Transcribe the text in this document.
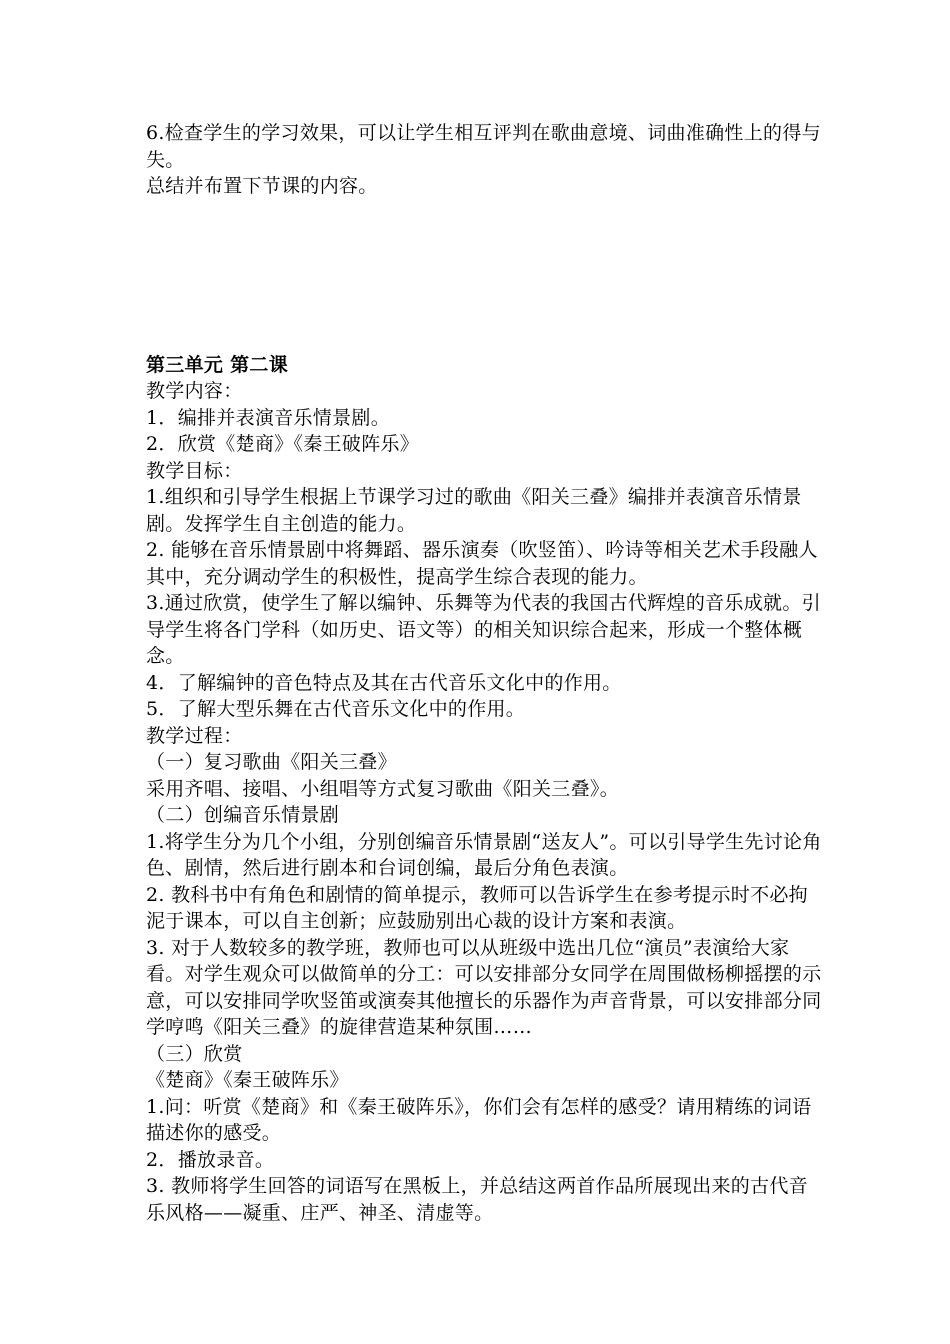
6.检查学生的学习效果，可以让学生相互评判在歌曲意境、词曲准确性上的得与失。

总结并布置下节课的内容。

第三单元 第二课

教学内容：

1．编排并表演音乐情景剧。

2．欣赏《楚商》《秦王破阵乐》

教学目标：

1.组织和引导学生根据上节课学习过的歌曲《阳关三叠》编排并表演音乐情景剧。发挥学生自主创造的能力。

2. 能够在音乐情景剧中将舞蹈、器乐演奏（吹竖笛）、吟诗等相关艺术手段融人其中，充分调动学生的积极性，提高学生综合表现的能力。

3.通过欣赏，使学生了解以编钟、乐舞等为代表的我国古代辉煌的音乐成就。引导学生将各门学科（如历史、语文等）的相关知识综合起来，形成一个整体概念。

4．了解编钟的音色特点及其在古代音乐文化中的作用。

5．了解大型乐舞在古代音乐文化中的作用。

教学过程：

（一）复习歌曲《阳关三叠》

采用齐唱、接唱、小组唱等方式复习歌曲《阳关三叠》。

（二）创编音乐情景剧

1.将学生分为几个小组，分别创编音乐情景剧“送友人”。可以引导学生先讨论角色、剧情，然后进行剧本和台词创编，最后分角色表演。

2. 教科书中有角色和剧情的简单提示，教师可以告诉学生在参考提示时不必拘泥于课本，可以自主创新；应鼓励别出心裁的设计方案和表演。

3. 对于人数较多的教学班，教师也可以从班级中选出几位“演员”表演给大家看。对学生观众可以做简单的分工：可以安排部分女同学在周围做杨柳摇摆的示意，可以安排同学吹竖笛或演奏其他擅长的乐器作为声音背景，可以安排部分同学哼鸣《阳关三叠》的旋律营造某种氛围……

（三）欣赏

《楚商》《秦王破阵乐》

1.问：听赏《楚商》和《秦王破阵乐》，你们会有怎样的感受？请用精练的词语描述你的感受。

2．播放录音。

3. 教师将学生回答的词语写在黑板上，并总结这两首作品所展现出来的古代音乐风格——凝重、庄严、神圣、清虚等。
